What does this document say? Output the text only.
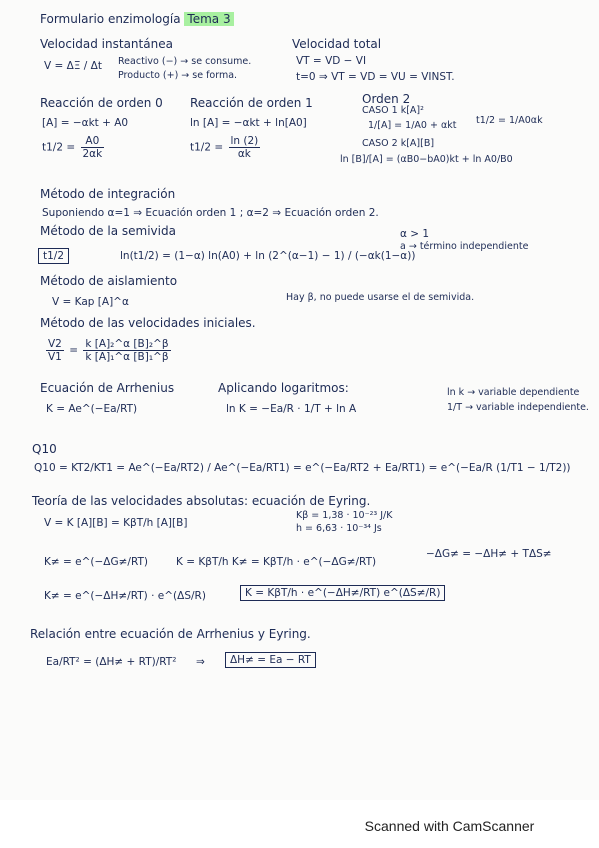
Formulario enzimología Tema 3
Velocidad instantánea
V = ΔΞ / Δt Reactivo (−) → se consume.
Producto (+) → se forma.
Velocidad total
VT = VD − VI
t=0 ⇒ VT = VD = VU = VINST.
Reacción de orden 0
[A] = −αkt + A0
$t1/2 = \frac{A0}{2\alpha k}$
Reacción de orden 1
ln [A] = −αkt + ln[A0]
$t1/2 = \frac{\ln (2)}{\alpha k}$
Orden 2
CASO 1 k[A]²
1/[A] = 1/A0 + αkt t1/2 = 1/A0αk
CASO 2 k[A][B]
ln [B]/[A] = (αB0−bA0)kt + ln A0/B0
Método de integración
Suponiendo α=1 ⇒ Ecuación orden 1 ; α=2 ⇒ Ecuación orden 2.
Método de la semivida
t1/2	ln(t1/2) = (1−α) ln(A0) + ln (2^(α−1) − 1) / (−αk(1−α))
α > 1
a → término independiente
Método de aislamiento
V = Kap [A]^α	Hay β, no puede usarse el de semivida.
Método de las velocidades iniciales.
$\frac{V2}{V1} = \frac{\text{k [A]₂\textasciicircum{}α [B]₂\textasciicircum{}β}}{\text{k [A]₁\textasciicircum{}α [B]₁\textasciicircum{}β}}$
Ecuación de Arrhenius
K = Ae^(−Ea/RT)
Aplicando logaritmos:
ln K = −Ea/R · 1/T + ln A
ln k → variable dependiente
1/T → variable independiente.
Q10
Q10 = KT2/KT1 = Ae^(−Ea/RT2) / Ae^(−Ea/RT1) = e^(−Ea/RT2 + Ea/RT1) = e^(−Ea/R (1/T1 − 1/T2))
Teoría de las velocidades absolutas: ecuación de Eyring.
V = K [A][B] = KβT/h [A][B]
Kβ = 1,38 · 10⁻²³ J/K
h = 6,63 · 10⁻³⁴ Js
K≠ = e^(−ΔG≠/RT)	K = KβT/h K≠ = KβT/h · e^(−ΔG≠/RT)
−ΔG≠ = −ΔH≠ + TΔS≠
K≠ = e^(−ΔH≠/RT) · e^(ΔS/R)	K = KβT/h · e^(−ΔH≠/RT) e^(ΔS≠/R)
Relación entre ecuación de Arrhenius y Eyring.
Ea/RT² = (ΔH≠ + RT)/RT² ⇒	ΔH≠ = Ea − RT
Scanned with CamScanner
